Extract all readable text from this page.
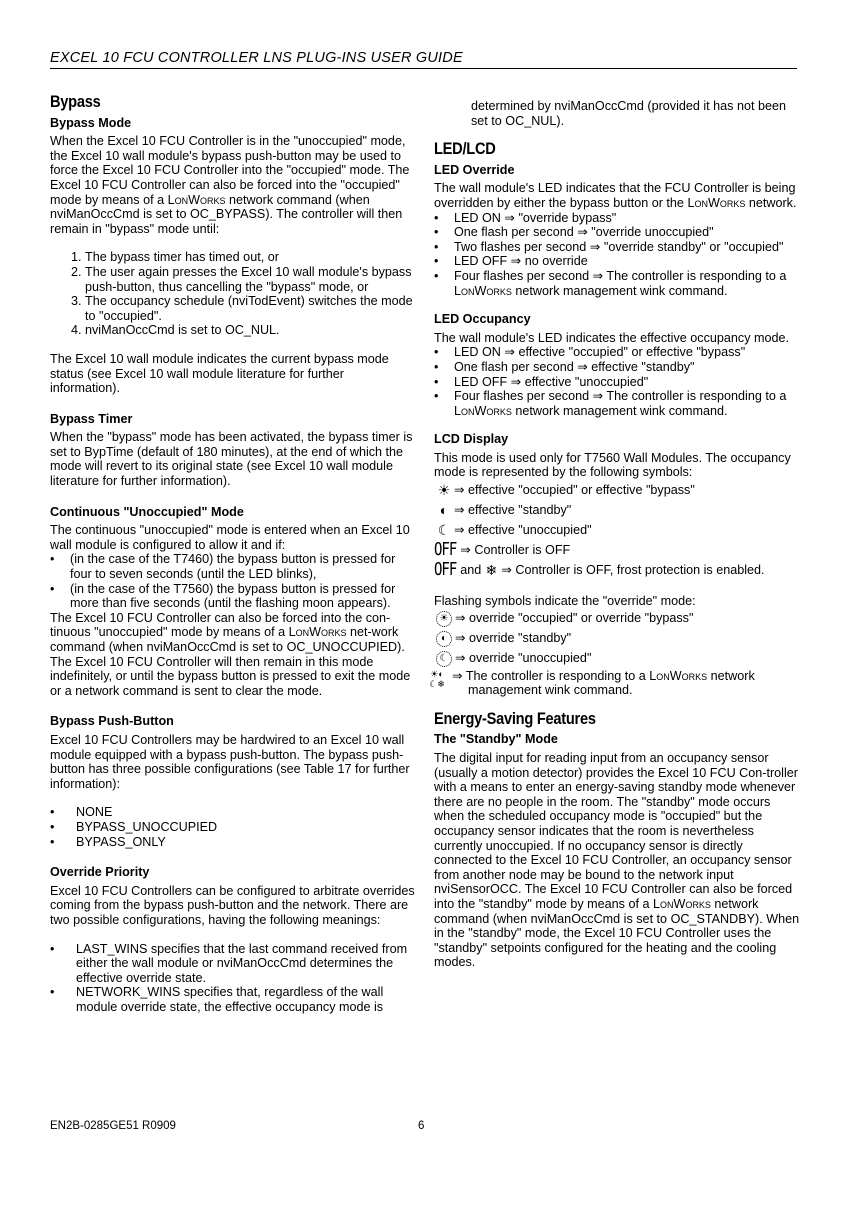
EXCEL 10 FCU CONTROLLER LNS PLUG-INS USER GUIDE
Bypass
Bypass Mode

When the Excel 10 FCU Controller is in the "unoccupied" mode, the Excel 10 wall module's bypass push-button may be used to force the Excel 10 FCU Controller into the "occupied" mode. The Excel 10 FCU Controller can also be forced into the "occupied" mode by means of a LonWorks network command (when nviManOccCmd is set to OC_BYPASS). The controller will then remain in "bypass" mode until:

1. The bypass timer has timed out, or
2. The user again presses the Excel 10 wall module's bypass push-button, thus cancelling the "bypass" mode, or
3. The occupancy schedule (nviTodEvent) switches the mode to "occupied".
4. nviManOccCmd is set to OC_NUL.

The Excel 10 wall module indicates the current bypass mode status (see Excel 10 wall module literature for further information).

Bypass Timer

When the "bypass" mode has been activated, the bypass timer is set to BypTime (default of 180 minutes), at the end of which the mode will revert to its original state (see Excel 10 wall module literature for further information).

Continuous "Unoccupied" Mode

The continuous "unoccupied" mode is entered when an Excel 10 wall module is configured to allow it and if:

• (in the case of the T7460) the bypass button is pressed for four to seven seconds (until the LED blinks),
• (in the case of the T7560) the bypass button is pressed for more than five seconds (until the flashing moon appears).

The Excel 10 FCU Controller can also be forced into the con-tinuous "unoccupied" mode by means of a LonWorks net-work command (when nviManOccCmd is set to OC_UNOCCUPIED). The Excel 10 FCU Controller will then remain in this mode indefinitely, or until the bypass button is pressed to exit the mode or a network command is sent to clear the mode.

Bypass Push-Button

Excel 10 FCU Controllers may be hardwired to an Excel 10 wall module equipped with a bypass push-button. The bypass push-button has three possible configurations (see Table 17 for further information):

• NONE
• BYPASS_UNOCCUPIED
• BYPASS_ONLY
Override Priority

Excel 10 FCU Controllers can be configured to arbitrate overrides coming from the bypass push-button and the network. There are two possible configurations, having the following meanings:

• LAST_WINS specifies that the last command received from either the wall module or nviManOccCmd determines the effective override state.
• NETWORK_WINS specifies that, regardless of the wall module override state, the effective occupancy mode is

determined by nviManOccCmd (provided it has not been set to OC_NUL).

LED/LCD
LED Override

The wall module's LED indicates that the FCU Controller is being overridden by either the bypass button or the LonWorks network.

• LED ON ⇒ "override bypass"
• One flash per second ⇒ "override unoccupied"
• Two flashes per second ⇒ "override standby" or "occupied"
• LED OFF ⇒ no override
• Four flashes per second ⇒ The controller is responding to a LonWorks network management wink command.
LED Occupancy

The wall module's LED indicates the effective occupancy mode.

• LED ON ⇒ effective "occupied" or effective "bypass"
• One flash per second ⇒ effective "standby"
• LED OFF ⇒ effective "unoccupied"
• Four flashes per second ⇒ The controller is responding to a LonWorks network management wink command.
LCD Display

This mode is used only for T7560 Wall Modules. The occupancy mode is represented by the following symbols:

☀ ⇒ effective "occupied" or effective "bypass"
◐ ⇒ effective "standby"
☾ ⇒ effective "unoccupied"
OFF ⇒ Controller is OFF
OFF and ❄ ⇒ Controller is OFF, frost protection is enabled.

Flashing symbols indicate the "override" mode:

☀ ⇒ override "occupied" or override "bypass"
◐ ⇒ override "standby"
☾ ⇒ override "unoccupied"
☀◐
☾❄
⇒ The controller is responding to a LonWorks network
management wink command.
Energy-Saving Features
The "Standby" Mode

The digital input for reading input from an occupancy sensor (usually a motion detector) provides the Excel 10 FCU Con-troller with a means to enter an energy-saving standby mode whenever there are no people in the room. The "standby" mode occurs when the scheduled occupancy mode is "occupied" but the occupancy sensor indicates that the room is nevertheless currently unoccupied. If no occupancy sensor is directly connected to the Excel 10 FCU Controller, an occupancy sensor from another node may be bound to the network input nviSensorOCC. The Excel 10 FCU Controller can also be forced into the "standby" mode by means of a LonWorks network command (when nviManOccCmd is set to OC_STANDBY). When in the "standby" mode, the Excel 10 FCU Controller uses the "standby" setpoints configured for the heating and the cooling modes.

EN2B-0285GE51 R0909	6
